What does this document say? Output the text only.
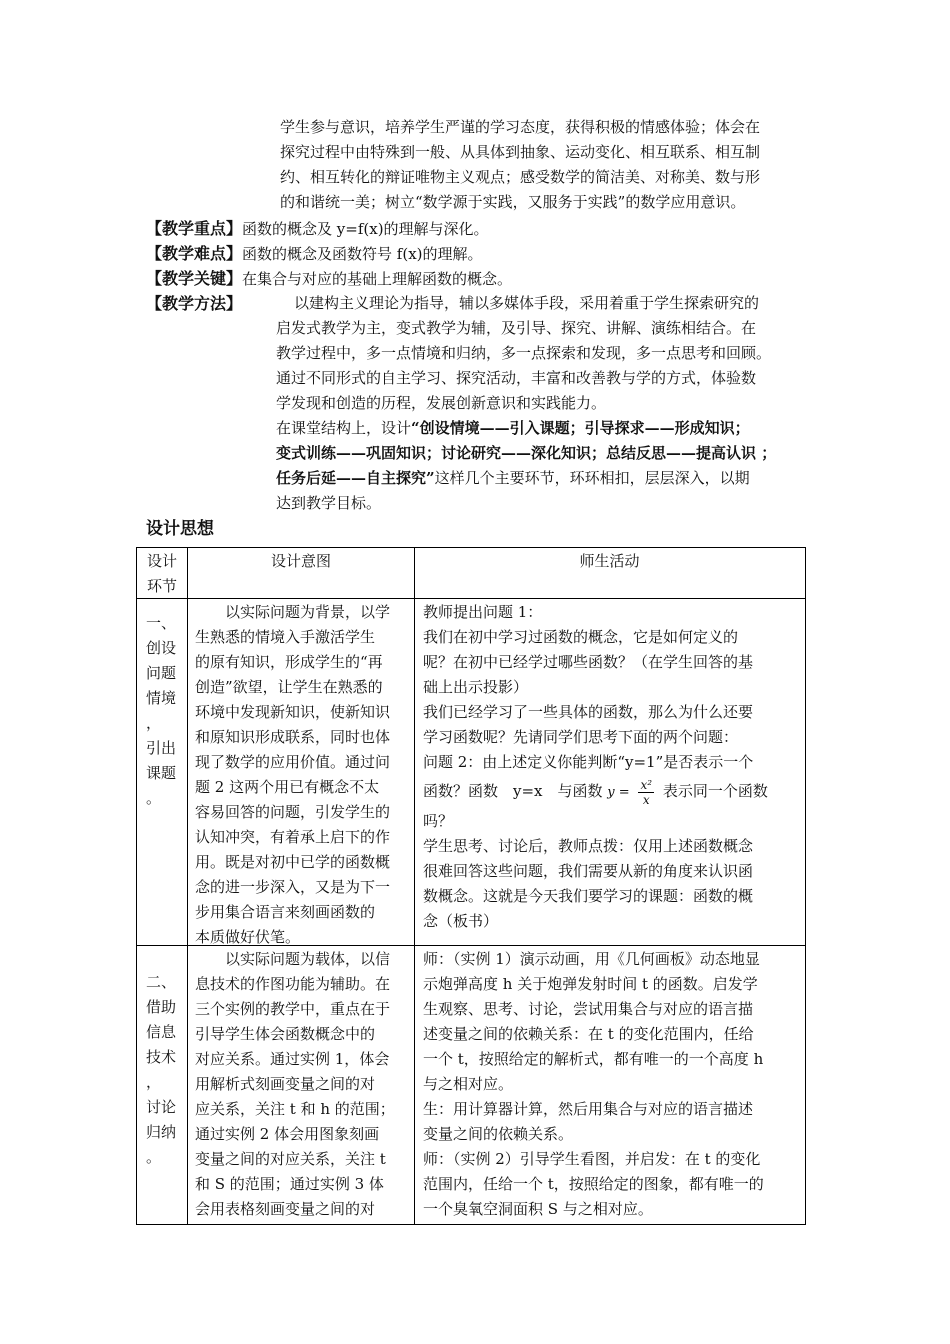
学生参与意识，培养学生严谨的学习态度，获得积极的情感体验；体会在
探究过程中由特殊到一般、从具体到抽象、运动变化、相互联系、相互制
约、相互转化的辩证唯物主义观点；感受数学的简洁美、对称美、数与形
的和谐统一美；树立“数学源于实践，又服务于实践”的数学应用意识。
【教学重点】函数的概念及 y=f(x)的理解与深化。
【教学难点】函数的概念及函数符号 f(x)的理解。
【教学关键】在集合与对应的基础上理解函数的概念。
【教学方法】	以建构主义理论为指导，辅以多媒体手段，采用着重于学生探索研究的
启发式教学为主，变式教学为辅，及引导、探究、讲解、演练相结合。在
教学过程中，多一点情境和归纳，多一点探索和发现，多一点思考和回顾。
通过不同形式的自主学习、探究活动，丰富和改善教与学的方式，体验数
学发现和创造的历程，发展创新意识和实践能力。
在课堂结构上，设计“创设情境——引入课题；引导探求——形成知识；
变式训练——巩固知识；讨论研究——深化知识；总结反思——提高认识 ；
任务后延——自主探究”这样几个主要环节，环环相扣，层层深入，以期
达到教学目标。
设计思想
设计
环节
设计意图	师生活动
一、
创设
问题
情境
，
引出
课题
。
　　以实际问题为背景，以学
生熟悉的情境入手激活学生
的原有知识，形成学生的“再
创造”欲望，让学生在熟悉的
环境中发现新知识，使新知识
和原知识形成联系，同时也体
现了数学的应用价值。通过问
题 2 这两个用已有概念不太
容易回答的问题，引发学生的
认知冲突，有着承上启下的作
用。既是对初中已学的函数概
念的进一步深入，又是为下一
步用集合语言来刻画函数的
本质做好伏笔。
教师提出问题 1：
我们在初中学习过函数的概念，它是如何定义的
呢？在初中已经学过哪些函数？（在学生回答的基
础上出示投影）
我们已经学习了一些具体的函数，那么为什么还要
学习函数呢？先请同学们思考下面的两个问题：
问题 2：由上述定义你能判断“y=1”是否表示一个
函数？函数　y=x　与函数 $y = \frac{\text{x²}}{x}$ 表示同一个函数
吗？
学生思考、讨论后，教师点拨：仅用上述函数概念
很难回答这些问题，我们需要从新的角度来认识函
数概念。这就是今天我们要学习的课题：函数的概
念（板书）
二、
借助
信息
技术
，
讨论
归纳
。
　　以实际问题为载体，以信
息技术的作图功能为辅助。在
三个实例的教学中，重点在于
引导学生体会函数概念中的
对应关系。通过实例 1，体会
用解析式刻画变量之间的对
应关系，关注 t 和 h 的范围；
通过实例 2 体会用图象刻画
变量之间的对应关系，关注 t
和 S 的范围；通过实例 3 体
会用表格刻画变量之间的对
师：（实例 1）演示动画，用《几何画板》动态地显
示炮弹高度 h 关于炮弹发射时间 t 的函数。启发学
生观察、思考、讨论，尝试用集合与对应的语言描
述变量之间的依赖关系：在 t 的变化范围内，任给
一个 t，按照给定的解析式，都有唯一的一个高度 h
与之相对应。
生：用计算器计算，然后用集合与对应的语言描述
变量之间的依赖关系。
师：（实例 2）引导学生看图，并启发：在 t 的变化
范围内，任给一个 t，按照给定的图象，都有唯一的
一个臭氧空洞面积 S 与之相对应。
